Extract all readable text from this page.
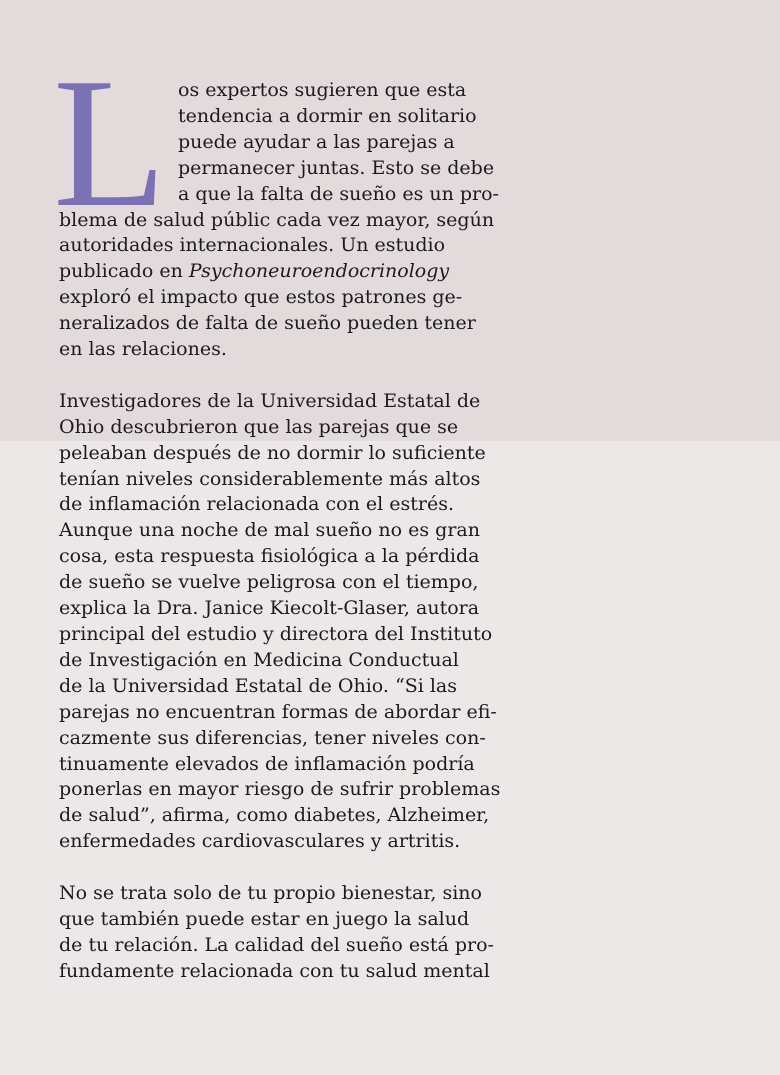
L os expertos sugieren que esta
tendencia a dormir en solitario
puede ayudar a las parejas a
permanecer juntas. Esto se debe
a que la falta de sueño es un pro-
blema de salud públic cada vez mayor, según
autoridades internacionales. Un estudio
publicado en Psychoneuroendocrinology
exploró el impacto que estos patrones ge-
neralizados de falta de sueño pueden tener
en las relaciones.

Investigadores de la Universidad Estatal de
Ohio descubrieron que las parejas que se
peleaban después de no dormir lo suficiente
tenían niveles considerablemente más altos
de inflamación relacionada con el estrés.
Aunque una noche de mal sueño no es gran
cosa, esta respuesta fisiológica a la pérdida
de sueño se vuelve peligrosa con el tiempo,
explica la Dra. Janice Kiecolt-Glaser, autora
principal del estudio y directora del Instituto
de Investigación en Medicina Conductual
de la Universidad Estatal de Ohio. “Si las
parejas no encuentran formas de abordar efi-
cazmente sus diferencias, tener niveles con-
tinuamente elevados de inflamación podría
ponerlas en mayor riesgo de sufrir problemas
de salud”, afirma, como diabetes, Alzheimer,
enfermedades cardiovasculares y artritis.

No se trata solo de tu propio bienestar, sino
que también puede estar en juego la salud
de tu relación. La calidad del sueño está pro-
fundamente relacionada con tu salud mental
